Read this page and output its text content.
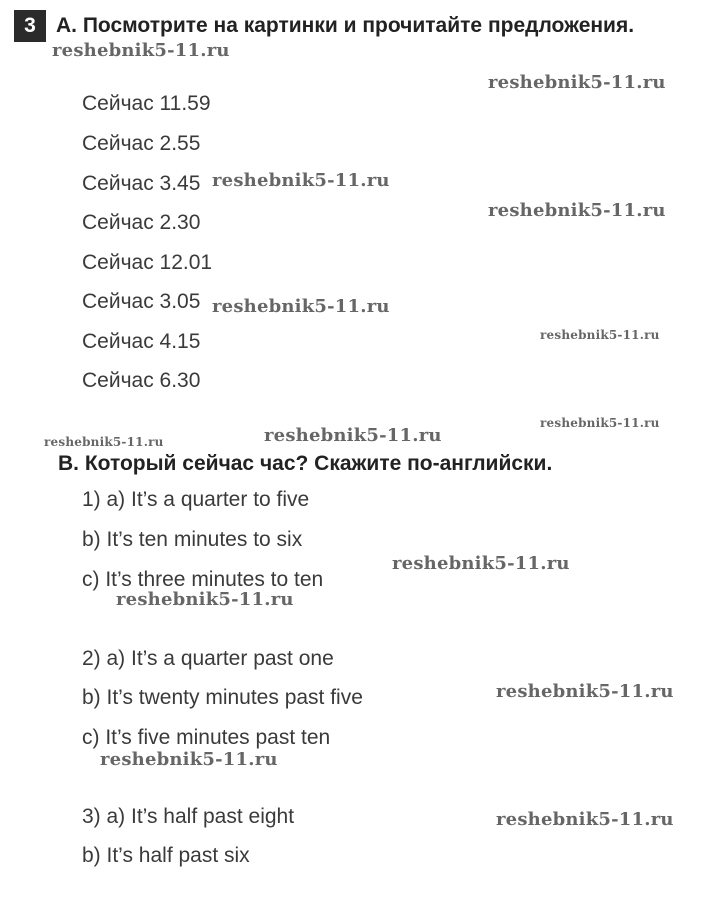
3 A. Посмотрите на картинки и прочитайте предложения.
Сейчас 11.59
Сейчас 2.55
Сейчас 3.45
Сейчас 2.30
Сейчас 12.01
Сейчас 3.05
Сейчас 4.15
Сейчас 6.30
B. Который сейчас час? Скажите по-английски.
1) a) It’s a quarter to five
b) It’s ten minutes to six
c) It’s three minutes to ten
2) a) It’s a quarter past one
b) It’s twenty minutes past five
c) It’s five minutes past ten
3) a) It’s half past eight
b) It’s half past six
reshebnik5-11.ru
reshebnik5-11.ru
reshebnik5-11.ru
reshebnik5-11.ru
reshebnik5-11.ru
reshebnik5-11.ru
reshebnik5-11.ru
reshebnik5-11.ru	reshebnik5-11.ru
reshebnik5-11.ru
reshebnik5-11.ru
reshebnik5-11.ru
reshebnik5-11.ru
reshebnik5-11.ru
